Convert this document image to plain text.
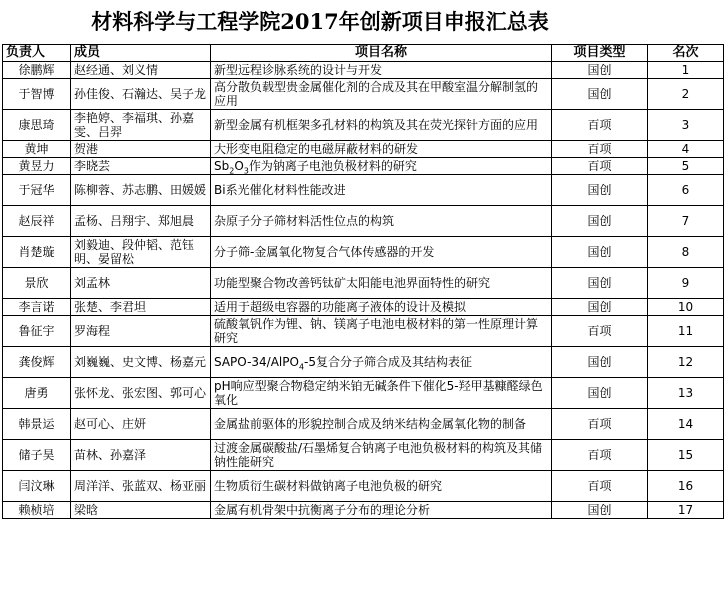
材料科学与工程学院2017年创新项目申报汇总表
负责人	成员	项目名称	项目类型	名次
徐鹏辉	赵经通、刘义情	新型远程诊脉系统的设计与开发	国创	1
于智博	孙佳俊、石瀚达、吴子龙	高分散负载型贵金属催化剂的合成及其在甲酸室温分解制氢的应用	国创	2
康思琦	李艳婷、李福琪、孙嘉雯、吕羿	新型金属有机框架多孔材料的构筑及其在荧光探针方面的应用	百项	3
黄坤	贺港	大形变电阻稳定的电磁屏蔽材料的研发	百项	4
黄昱力	李晓芸	$Sb_2O_3$作为钠离子电池负极材料的研究	百项	5
于冠华	陈柳蓉、苏志鹏、田媛媛	Bi系光催化材料性能改进	国创	6
赵辰祥	孟杨、吕翔宇、郑旭晨	杂原子分子筛材料活性位点的构筑	国创	7
肖楚璇	刘毅迪、段仲韬、范钰明、晏留松	分子筛-金属氧化物复合气体传感器的开发	国创	8
景欣	刘孟林	功能型聚合物改善钙钛矿太阳能电池界面特性的研究	国创	9
李言诺	张楚、李君坦	适用于超级电容器的功能离子液体的设计及模拟	国创	10
鲁征宇	罗海程	硫酸氧钒作为锂、钠、镁离子电池电极材料的第一性原理计算研究	百项	11
龚俊辉	刘巍巍、史文博、杨嘉元	SAPO-34/AlPO$_4$-5复合分子筛合成及其结构表征	国创	12
唐勇	张怀龙、张宏图、郭可心	pH响应型聚合物稳定纳米铂无碱条件下催化5-羟甲基糠醛绿色氧化	国创	13
韩景运	赵可心、庄妍	金属盐前驱体的形貌控制合成及纳米结构金属氧化物的制备	百项	14
储子昊	苗林、孙嘉泽	过渡金属碳酸盐/石墨烯复合钠离子电池负极材料的构筑及其储钠性能研究	百项	15
闫汶琳	周洋洋、张蓝双、杨亚丽	生物质衍生碳材料做钠离子电池负极的研究	百项	16
赖桢培	梁晗	金属有机骨架中抗衡离子分布的理论分析	国创	17
